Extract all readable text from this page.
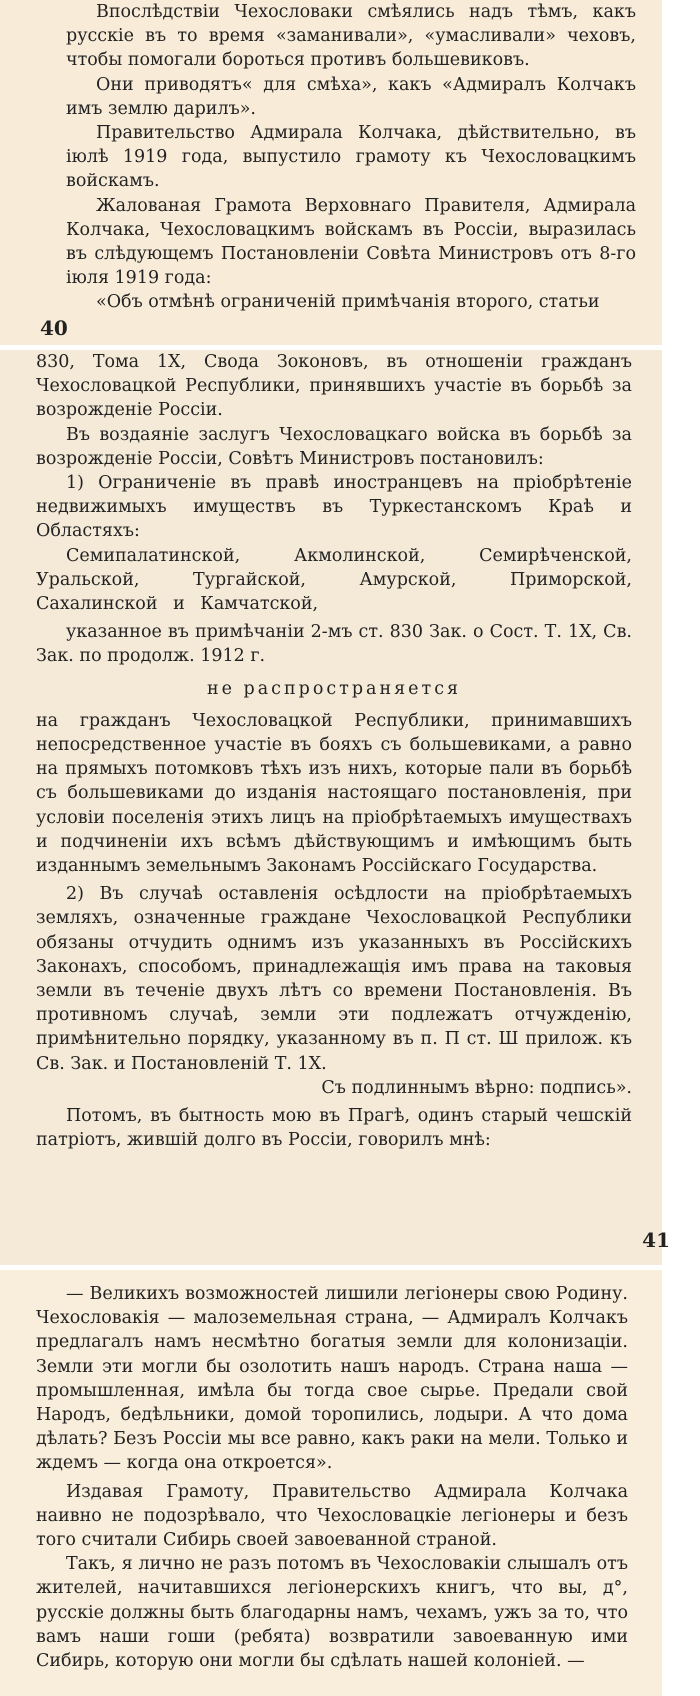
Впослѣдствіи Чехословаки смѣялись надъ тѣмъ, какъ русскіе въ то время «заманивали», «умасливали» чеховъ, чтобы помогали бороться противъ большевиковъ.

Они приводятъ« для смѣха», какъ «Адмиралъ Колчакъ имъ землю дарилъ».

Правительство Адмирала Колчака, дѣйствительно, въ іюлѣ 1919 года, выпустило грамоту къ Чехословацкимъ войскамъ.

Жалованая Грамота Верховнаго Правителя, Адмирала Колчака, Чехословацкимъ войскамъ въ Россіи, выразилась въ слѣдующемъ Постановленіи Совѣта Министровъ отъ 8-го іюля 1919 года:

«Объ отмѣнѣ ограниченій примѣчанія второго, статьи

40

830, Тома 1Х, Свода Зоконовъ, въ отношеніи гражданъ Чехословацкой Республики, принявшихъ участіе въ борьбѣ за возрожденіе Россіи.

Въ воздаяніе заслугъ Чехословацкаго войска въ борьбѣ за возрожденіе Россіи, Совѣтъ Министровъ постановилъ:

1) Ограниченіе въ правѣ иностранцевъ на пріобрѣтеніе недвижимыхъ имуществъ въ Туркестанскомъ Краѣ и Областяхъ:

Семипалатинской, Акмолинской, Семирѣченской, Уральской, Тургайской, Амурской, Приморской, Сахалинской и Камчатской,

указанное въ примѣчаніи 2-мъ ст. 830 Зак. о Сост. Т. 1Х, Св. Зак. по продолж. 1912 г.

не распространяется

на гражданъ Чехословацкой Республики, принимавшихъ непосредственное участіе въ бояхъ съ большевиками, а равно на прямыхъ потомковъ тѣхъ изъ нихъ, которые пали въ борьбѣ съ большевиками до изданія настоящаго постановленія, при условіи поселенія этихъ лицъ на пріобрѣтаемыхъ имуществахъ и подчиненіи ихъ всѣмъ дѣйствующимъ и имѣющимъ быть изданнымъ земельнымъ Законамъ Россійскаго Государства.

2) Въ случаѣ оставленія осѣдлости на пріобрѣтаемыхъ земляхъ, означенные граждане Чехословацкой Республики обязаны отчудить однимъ изъ указанныхъ въ Россійскихъ Законахъ, способомъ, принадлежащія имъ права на таковыя земли въ теченіе двухъ лѣтъ со времени Постановленія. Въ противномъ случаѣ, земли эти подлежатъ отчужденію, примѣнительно порядку, указанному въ п. П ст. Ш прилож. къ Св. Зак. и Постановленій Т. 1Х.

Съ подлиннымъ вѣрно: подпись».

Потомъ, въ бытность мою въ Прагѣ, одинъ старый чешскій патріотъ, жившій долго въ Россіи, говорилъ мнѣ:

41

— Великихъ возможностей лишили легіонеры свою Родину. Чехословакія — малоземельная страна, — Адмиралъ Колчакъ предлагалъ намъ несмѣтно богатыя земли для колонизаціи. Земли эти могли бы озолотить нашъ народъ. Страна наша — промышленная, имѣла бы тогда свое сырье. Предали свой Народъ, бедѣльники, домой торопились, лодыри. А что дома дѣлать? Безъ Россіи мы все равно, какъ раки на мели. Только и ждемъ — когда она откроется».

Издавая Грамоту, Правительство Адмирала Колчака наивно не подозрѣвало, что Чехословацкіе легіонеры и безъ того считали Сибирь своей завоеванной страной.

Такъ, я лично не разъ потомъ въ Чехословакіи слышалъ отъ жителей, начитавшихся легіонерскихъ книгъ, что вы, д°, русскіе должны быть благодарны намъ, чехамъ, ужъ за то, что вамъ наши гоши (ребята) возвратили завоеванную ими Сибирь, которую они могли бы сдѣлать нашей колоніей. —
